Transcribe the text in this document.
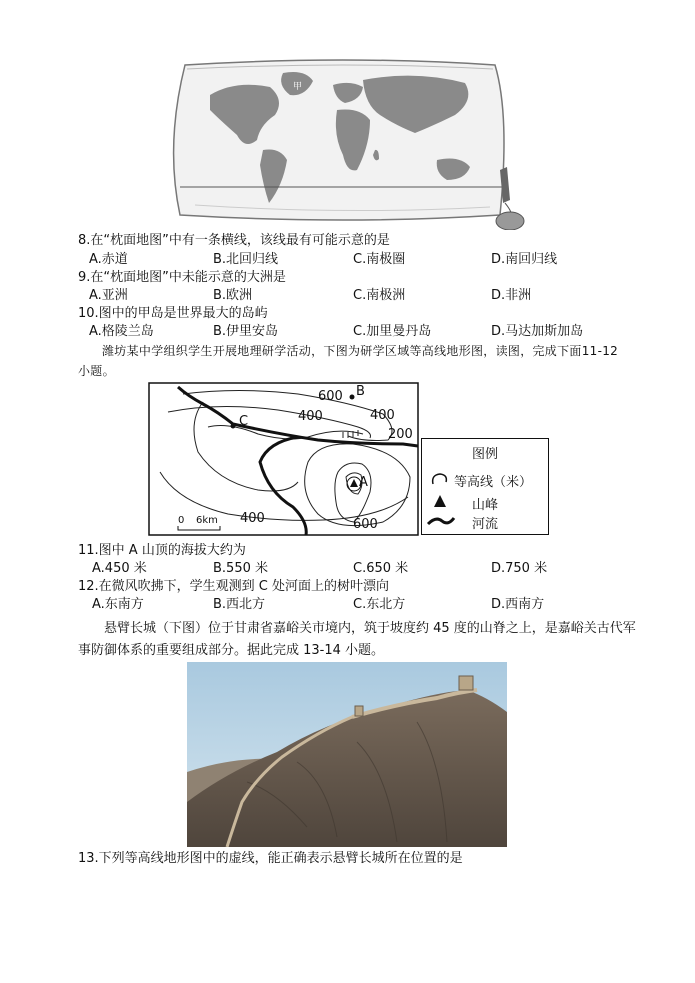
甲
8.在“枕面地图”中有一条横线，该线最有可能示意的是
A.赤道	B.北回归线	C.南极圈	D.南回归线
9.在“枕面地图”中未能示意的大洲是
A.亚洲	B.欧洲	C.南极洲	D.非洲
10.图中的甲岛是世界最大的岛屿
A.格陵兰岛	B.伊里安岛	C.加里曼丹岛	D.马达加斯加岛
潍坊某中学组织学生开展地理研学活动，下图为研学区域等高线地形图，读图，完成下面11-12小题。
600 B
400	400
200
C
A
400	600
0 6km
图例
等高线（米）
山峰
河流
11.图中 A 山顶的海拔大约为
A.450 米	B.550 米	C.650 米	D.750 米
12.在微风吹拂下，学生观测到 C 处河面上的树叶漂向
A.东南方	B.西北方	C.东北方	D.西南方
悬臂长城（下图）位于甘肃省嘉峪关市境内，筑于坡度约 45 度的山脊之上，是嘉峪关古代军事防御体系的重要组成部分。据此完成 13-14 小题。
13.下列等高线地形图中的虚线，能正确表示悬臂长城所在位置的是
